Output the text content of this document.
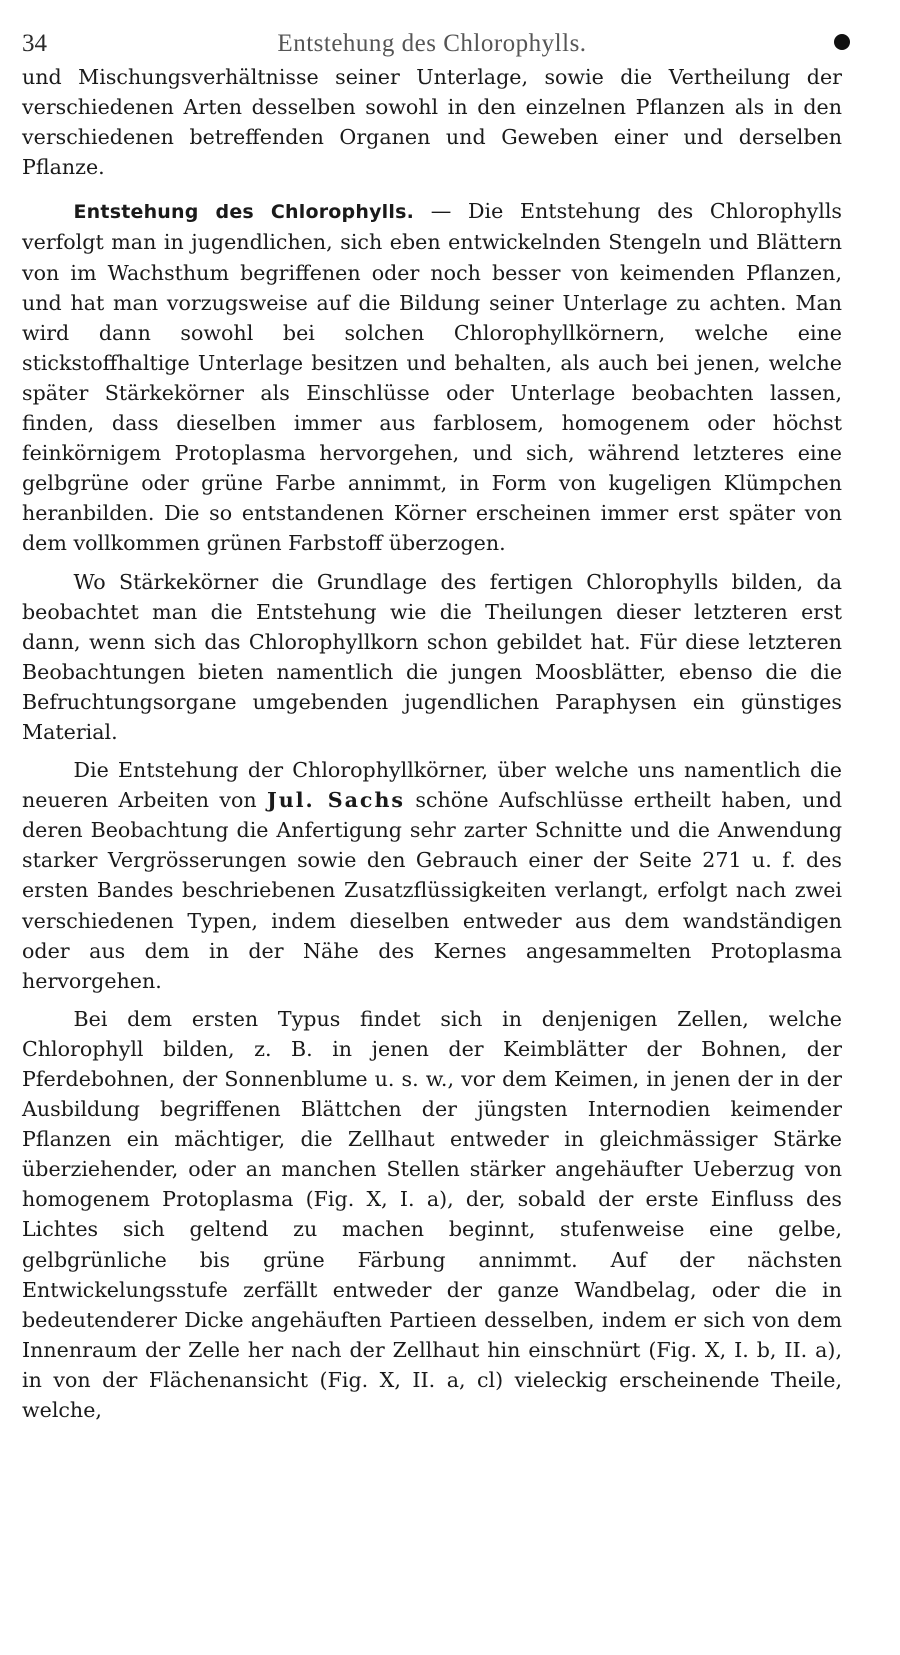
34	Entstehung des Chlorophylls.

und Mischungsverhältnisse seiner Unterlage, sowie die Vertheilung der verschiedenen Arten desselben sowohl in den einzelnen Pflanzen als in den verschiedenen betreffenden Organen und Geweben einer und derselben Pflanze.

Entstehung des Chlorophylls. — Die Entstehung des Chlorophylls verfolgt man in jugendlichen, sich eben entwickelnden Stengeln und Blättern von im Wachsthum begriffenen oder noch besser von keimenden Pflanzen, und hat man vorzugsweise auf die Bildung seiner Unterlage zu achten. Man wird dann sowohl bei solchen Chlorophyllkörnern, welche eine stickstoffhaltige Unterlage besitzen und behalten, als auch bei jenen, welche später Stärkekörner als Einschlüsse oder Unterlage beobachten lassen, finden, dass dieselben immer aus farblosem, homogenem oder höchst feinkörnigem Protoplasma hervorgehen, und sich, während letzteres eine gelbgrüne oder grüne Farbe annimmt, in Form von kugeligen Klümpchen heranbilden. Die so entstandenen Körner erscheinen immer erst später von dem vollkommen grünen Farbstoff überzogen.

Wo Stärkekörner die Grundlage des fertigen Chlorophylls bilden, da beobachtet man die Entstehung wie die Theilungen dieser letzteren erst dann, wenn sich das Chlorophyllkorn schon gebildet hat. Für diese letzteren Beobachtungen bieten namentlich die jungen Moosblätter, ebenso die die Befruchtungsorgane umgebenden jugendlichen Paraphysen ein günstiges Material.

Die Entstehung der Chlorophyllkörner, über welche uns namentlich die neueren Arbeiten von Jul. Sachs schöne Aufschlüsse ertheilt haben, und deren Beobachtung die Anfertigung sehr zarter Schnitte und die Anwendung starker Vergrösserungen sowie den Gebrauch einer der Seite 271 u. f. des ersten Bandes beschriebenen Zusatzflüssigkeiten verlangt, erfolgt nach zwei verschiedenen Typen, indem dieselben entweder aus dem wandständigen oder aus dem in der Nähe des Kernes angesammelten Protoplasma hervorgehen.

Bei dem ersten Typus findet sich in denjenigen Zellen, welche Chlorophyll bilden, z. B. in jenen der Keimblätter der Bohnen, der Pferdebohnen, der Sonnenblume u. s. w., vor dem Keimen, in jenen der in der Ausbildung begriffenen Blättchen der jüngsten Internodien keimender Pflanzen ein mächtiger, die Zellhaut entweder in gleichmässiger Stärke überziehender, oder an manchen Stellen stärker angehäufter Ueberzug von homogenem Protoplasma (Fig. X, I. a), der, sobald der erste Einfluss des Lichtes sich geltend zu machen beginnt, stufenweise eine gelbe, gelbgrünliche bis grüne Färbung annimmt. Auf der nächsten Entwickelungsstufe zerfällt entweder der ganze Wandbelag, oder die in bedeutenderer Dicke angehäuften Partieen desselben, indem er sich von dem Innenraum der Zelle her nach der Zellhaut hin einschnürt (Fig. X, I. b, II. a), in von der Flächenansicht (Fig. X, II. a, cl) vieleckig erscheinende Theile, welche,
